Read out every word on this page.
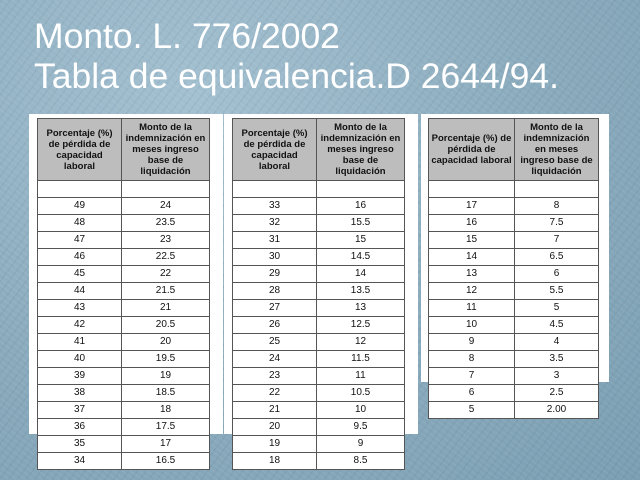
Monto. L. 776/2002
Tabla de equivalencia.D 2644/94.
Porcentaje (%) de pérdida de capacidad laboral	Monto de la indemnización en meses ingreso base de liquidación

49	24
48	23.5
47	23
46	22.5
45	22
44	21.5
43	21
42	20.5
41	20
40	19.5
39	19
38	18.5
37	18
36	17.5
35	17
34	16.5
Porcentaje (%) de pérdida de capacidad laboral	Monto de la indemnización en meses ingreso base de liquidación

33	16
32	15.5
31	15
30	14.5
29	14
28	13.5
27	13
26	12.5
25	12
24	11.5
23	11
22	10.5
21	10
20	9.5
19	9
18	8.5
Porcentaje (%) de pérdida de capacidad laboral	Monto de la indemnización en meses ingreso base de liquidación

17	8
16	7.5
15	7
14	6.5
13	6
12	5.5
11	5
10	4.5
9	4
8	3.5
7	3
6	2.5
5	2.00
